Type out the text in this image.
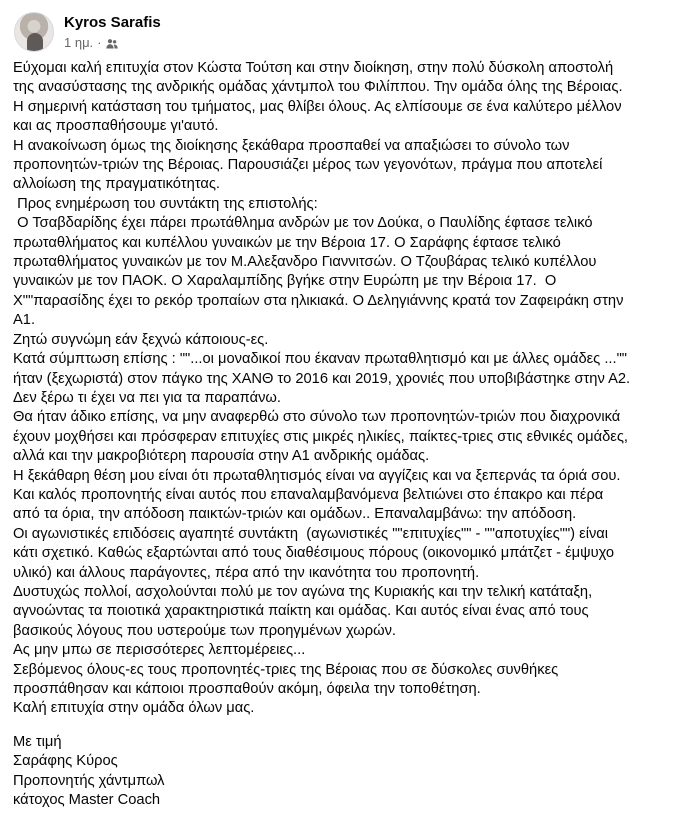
Kyros Sarafis
1 ημ. ·

Εύχομαι καλή επιτυχία στον Κώστα Τούτση και στην διοίκηση, στην πολύ δύσκολη αποστολή

της ανασύστασης της ανδρικής ομάδας χάντμπολ του Φιλίππου. Την ομάδα όλης της Βέροιας.

Η σημερινή κατάσταση του τμήματος, μας θλίβει όλους. Ας ελπίσουμε σε ένα καλύτερο μέλλον

και ας προσπαθήσουμε γι'αυτό.

Η ανακοίνωση όμως της διοίκησης ξεκάθαρα προσπαθεί να απαξιώσει το σύνολο των

προπονητών-τριών της Βέροιας. Παρουσιάζει μέρος των γεγονότων, πράγμα που αποτελεί

αλλοίωση της πραγματικότητας.

Προς ενημέρωση του συντάκτη της επιστολής:

Ο Τσαβδαρίδης έχει πάρει πρωτάθλημα ανδρών με τον Δούκα, ο Παυλίδης έφτασε τελικό

πρωταθλήματος και κυπέλλου γυναικών με την Βέροια 17. Ο Σαράφης έφτασε τελικό

πρωταθλήματος γυναικών με τον Μ.Αλεξανδρο Γιαννιτσών. Ο Τζουβάρας τελικό κυπέλλου

γυναικών με τον ΠΑΟΚ. Ο Χαραλαμπίδης βγήκε στην Ευρώπη με την Βέροια 17.  Ο

Χ""παρασίδης έχει το ρεκόρ τροπαίων στα ηλικιακά. Ο Δεληγιάννης κρατά τον Ζαφειράκη στην

Α1.

Ζητώ συγνώμη εάν ξεχνώ κάποιους-ες.

Κατά σύμπτωση επίσης : ""...οι μοναδικοί που έκαναν πρωταθλητισμό και με άλλες ομάδες ...""

ήταν (ξεχωριστά) στον πάγκο της ΧΑΝΘ το 2016 και 2019, χρονιές που υποβιβάστηκε στην Α2.

Δεν ξέρω τι έχει να πει για τα παραπάνω.

Θα ήταν άδικο επίσης, να μην αναφερθώ στο σύνολο των προπονητών-τριών που διαχρονικά

έχουν μοχθήσει και πρόσφεραν επιτυχίες στις μικρές ηλικίες, παίκτες-τριες στις εθνικές ομάδες,

αλλά και την μακροβιότερη παρουσία στην Α1 ανδρικής ομάδας.

Η ξεκάθαρη θέση μου είναι ότι πρωταθλητισμός είναι να αγγίζεις και να ξεπερνάς τα όριά σου.

Και καλός προπονητής είναι αυτός που επαναλαμβανόμενα βελτιώνει στο έπακρο και πέρα

από τα όρια, την απόδοση παικτών-τριών και ομάδων.. Επαναλαμβάνω: την απόδοση.

Οι αγωνιστικές επιδόσεις αγαπητέ συντάκτη  (αγωνιστικές ""επιτυχίες"" - ""αποτυχίες"") είναι

κάτι σχετικό. Καθώς εξαρτώνται από τους διαθέσιμους πόρους (οικονομικό μπάτζετ - έμψυχο

υλικό) και άλλους παράγοντες, πέρα από την ικανότητα του προπονητή.

Δυστυχώς πολλοί, ασχολούνται πολύ με τον αγώνα της Κυριακής και την τελική κατάταξη,

αγνοώντας τα ποιοτικά χαρακτηριστικά παίκτη και ομάδας. Και αυτός είναι ένας από τους

βασικούς λόγους που υστερούμε των προηγμένων χωρών.

Ας μην μπω σε περισσότερες λεπτομέρειες...

Σεβόμενος όλους-ες τους προπονητές-τριες της Βέροιας που σε δύσκολες συνθήκες

προσπάθησαν και κάποιοι προσπαθούν ακόμη, όφειλα την τοποθέτηση.

Καλή επιτυχία στην ομάδα όλων μας.

Με τιμή

Σαράφης Κύρος

Προπονητής χάντμπωλ

κάτοχος Master Coach
